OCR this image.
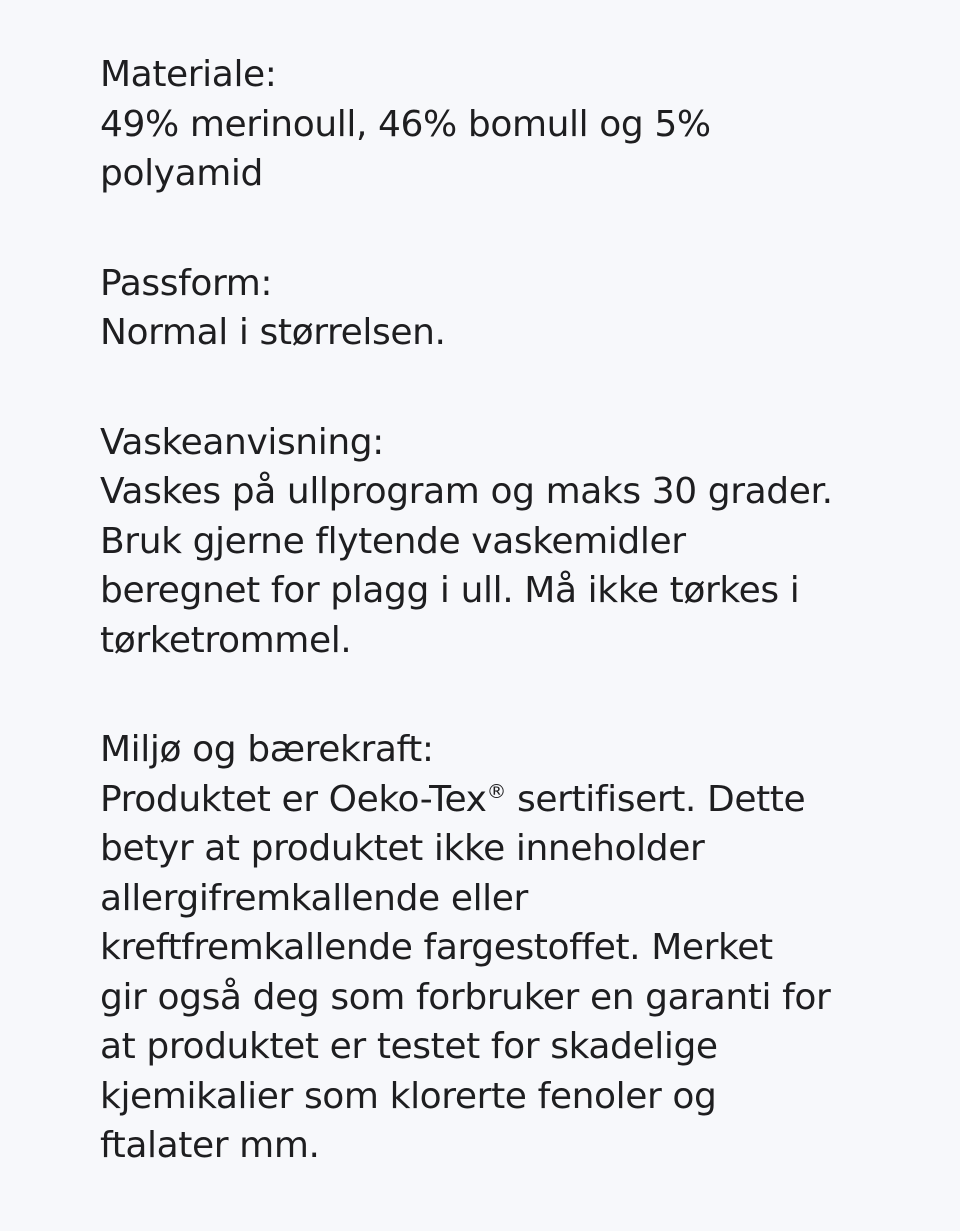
Materiale:
49% merinoull, 46% bomull og 5%
polyamid
Passform:
Normal i størrelsen.
Vaskeanvisning:
Vaskes på ullprogram og maks 30 grader.
Bruk gjerne flytende vaskemidler
beregnet for plagg i ull. Må ikke tørkes i
tørketrommel.
Miljø og bærekraft:
Produktet er Oeko-Tex® sertifisert. Dette
betyr at produktet ikke inneholder
allergifremkallende eller
kreftfremkallende fargestoffet. Merket
gir også deg som forbruker en garanti for
at produktet er testet for skadelige
kjemikalier som klorerte fenoler og
ftalater mm.
